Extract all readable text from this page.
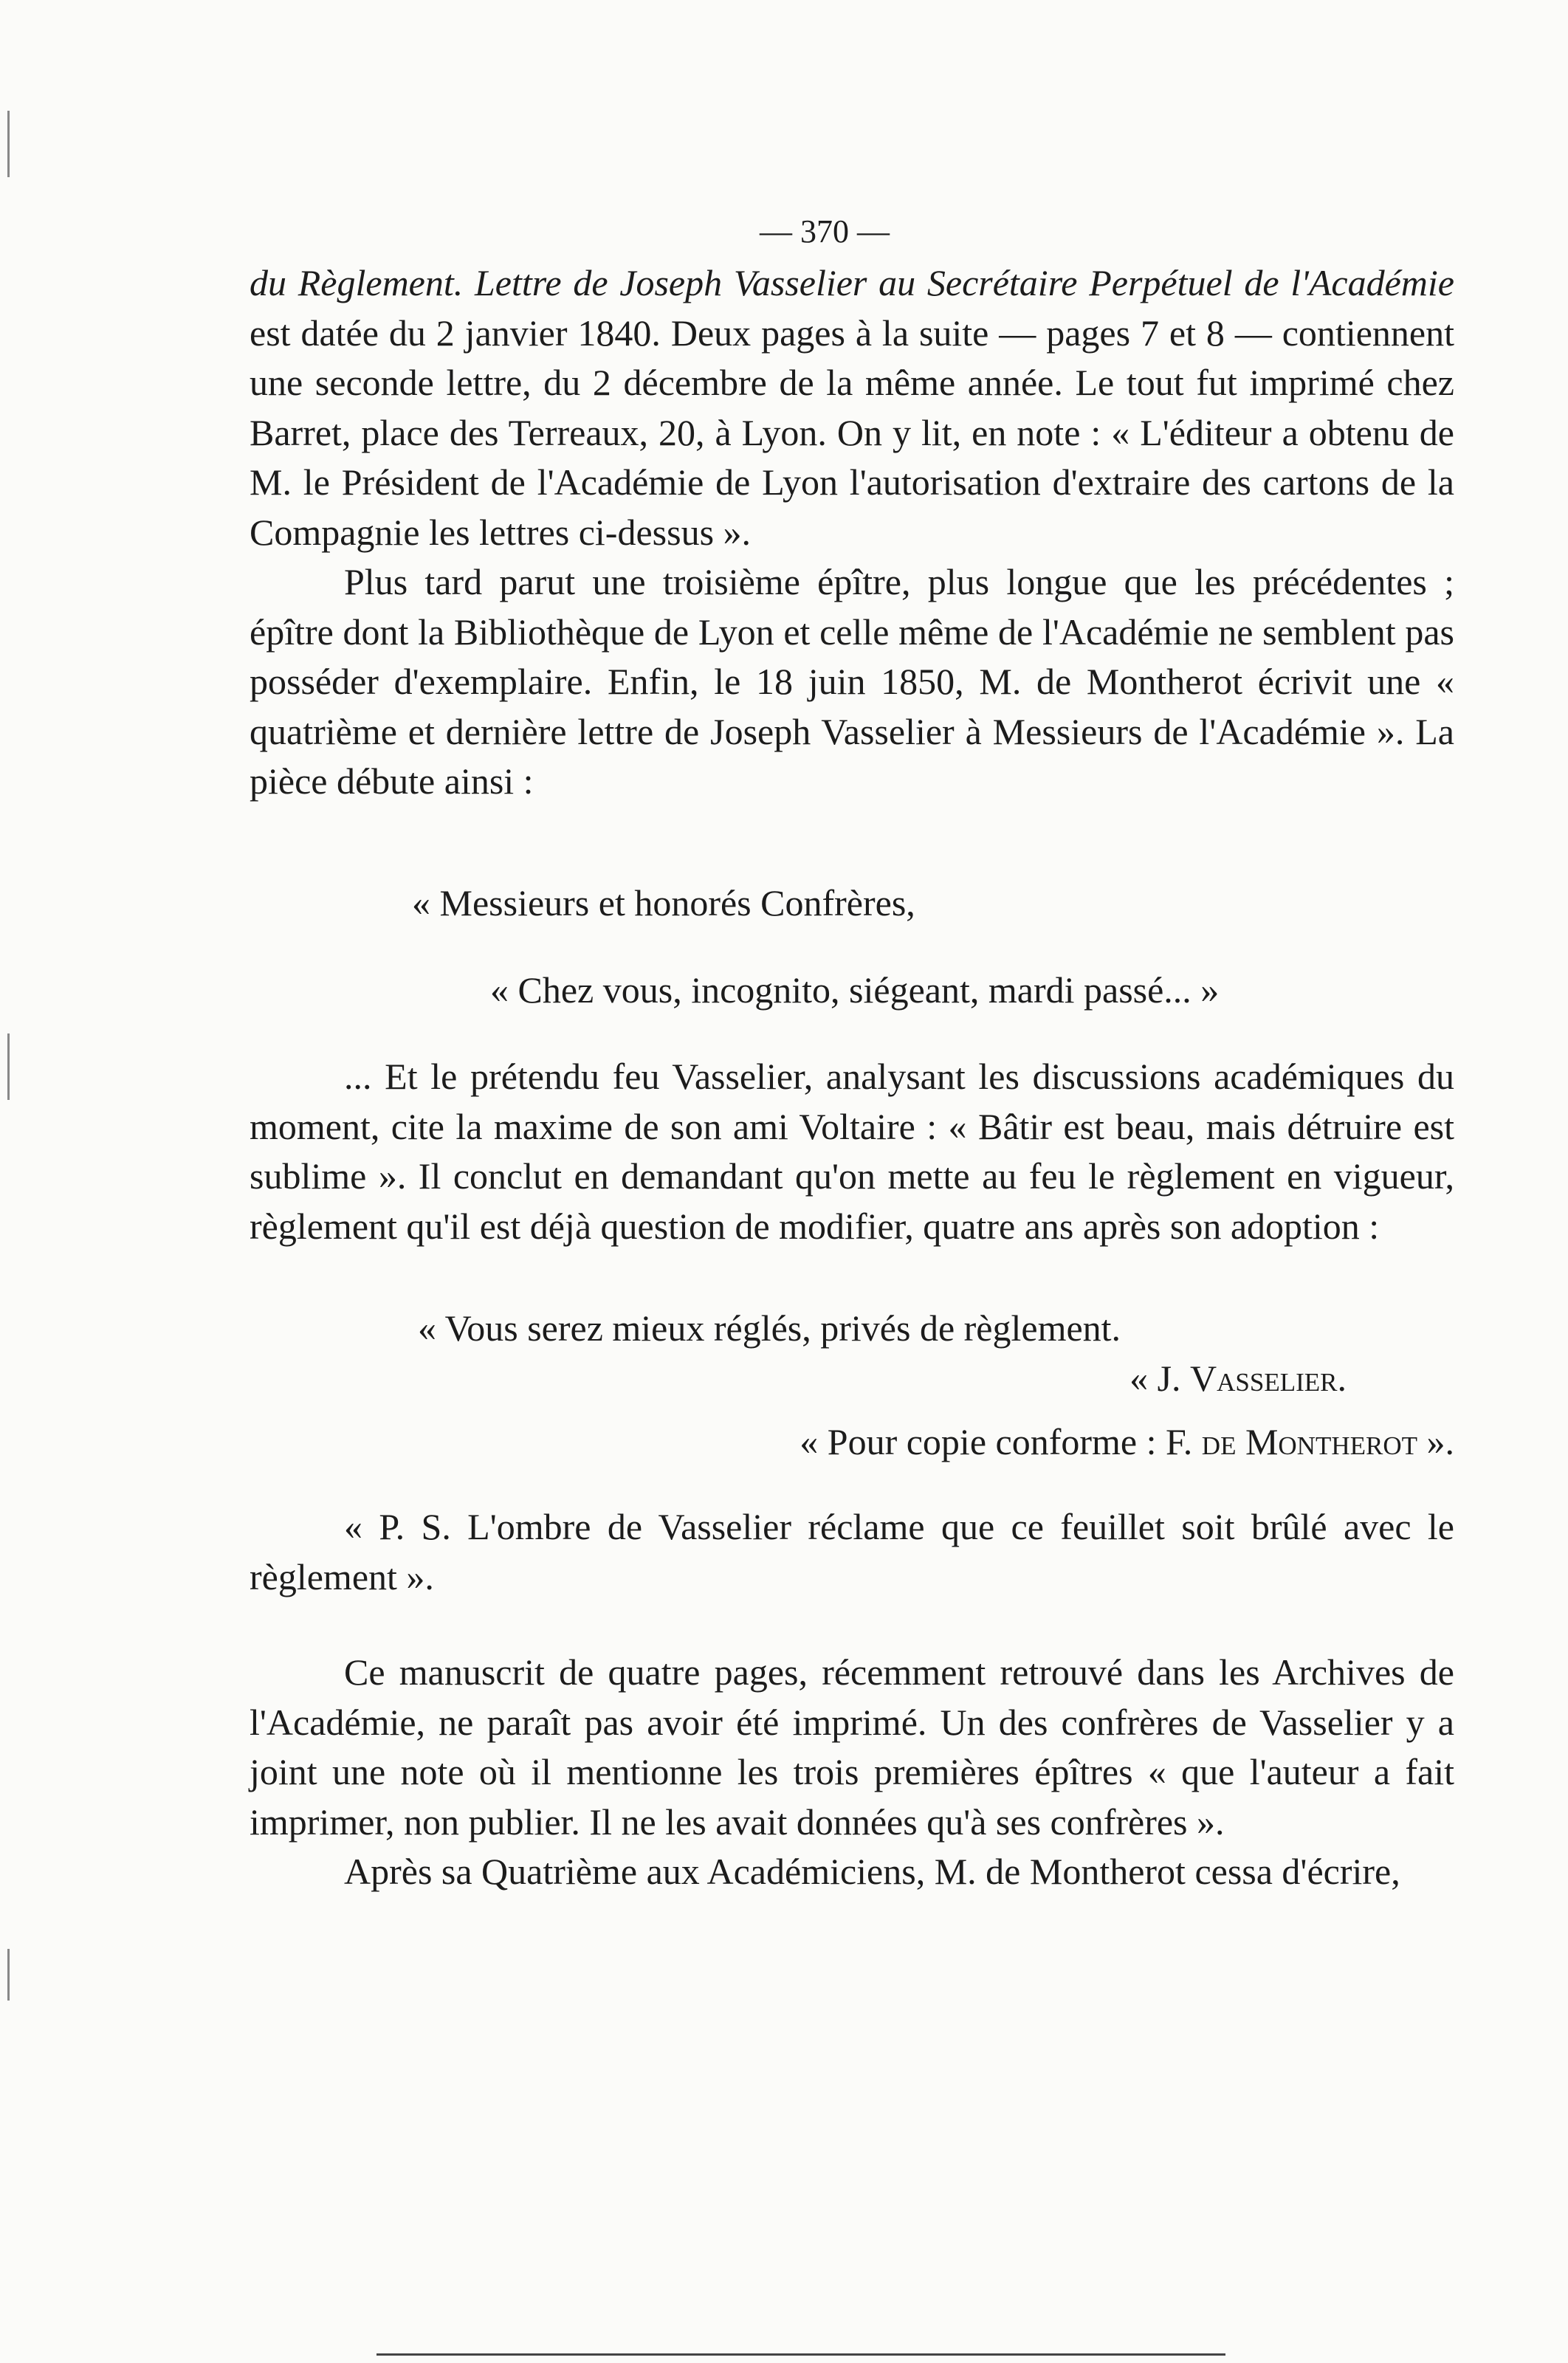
— 370 —

du Règlement. Lettre de Joseph Vasselier au Secrétaire Perpétuel de l'Académie est datée du 2 janvier 1840. Deux pages à la suite — pages 7 et 8 — contiennent une seconde lettre, du 2 décembre de la même année. Le tout fut imprimé chez Barret, place des Terreaux, 20, à Lyon. On y lit, en note : « L'éditeur a obtenu de M. le Président de l'Académie de Lyon l'autorisation d'extraire des cartons de la Compagnie les lettres ci-dessus ».

Plus tard parut une troisième épître, plus longue que les précédentes ; épître dont la Bibliothèque de Lyon et celle même de l'Académie ne semblent pas posséder d'exemplaire. Enfin, le 18 juin 1850, M. de Montherot écrivit une « quatrième et dernière lettre de Joseph Vasselier à Messieurs de l'Académie ». La pièce débute ainsi :

« Messieurs et honorés Confrères,

« Chez vous, incognito, siégeant, mardi passé... »

... Et le prétendu feu Vasselier, analysant les discussions académiques du moment, cite la maxime de son ami Voltaire : « Bâtir est beau, mais détruire est sublime ». Il conclut en demandant qu'on mette au feu le règlement en vigueur, règlement qu'il est déjà question de modifier, quatre ans après son adoption :

« Vous serez mieux réglés, privés de règlement.

« J. Vasselier.

« Pour copie conforme : F. de Montherot ».

« P. S. L'ombre de Vasselier réclame que ce feuillet soit brûlé avec le règlement ».

Ce manuscrit de quatre pages, récemment retrouvé dans les Archives de l'Académie, ne paraît pas avoir été imprimé. Un des confrères de Vasselier y a joint une note où il mentionne les trois premières épîtres « que l'auteur a fait imprimer, non publier. Il ne les avait données qu'à ses confrères ».

Après sa Quatrième aux Académiciens, M. de Montherot cessa d'écrire,
